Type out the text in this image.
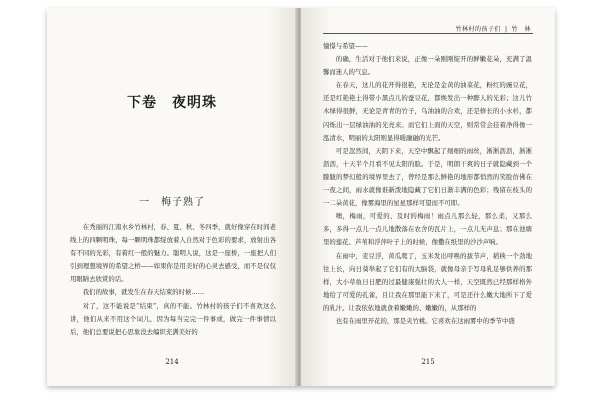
下卷　夜明珠
一　梅子熟了

在秀丽的江南水乡竹林村，春、夏、秋、冬四季，就好像穿在时间老线上的四颗明珠，每一颗明珠都绽放着人自然对于色彩的要求，放射出各有不同的光彩，有着红一般的魅力。聪明人说，这是一座桥，一座把人们引到理想境界的希望之桥——如果你是用美好的心灵去感受，而不是仅仅用眼睛去欣赏的话。

我们的故事，就发生在春天结束的时候……

对了，这不能说是“结束”，真的不能。竹林村的孩子们不喜欢这么讲，他们从来不用这个词儿，因为每当完完一件事或，做完一件事情以后，他们总要说把心思象没去编织充满美好的

214
竹林村的孩子们 | 竹　林

憧憬与希望——

的确，生活对于他们来说，正像一朵刚刚绽开的鲜嫩花朵，充满了温馨而迷人的气息。

在春天，这儿的花开得很艳，无论是金黄的油菜花，粉红的豌豆花，还是红艳艳土得带小黑点儿的蚕豆花，都焕发出一种醉人的光彩；这儿竹木绿得很鲜，无论是青青的竹子，乌油油的合欢，还是修长的小水杉，都闪烁出一层绿油油的光亮来。而它们上面的天空，则常常会挂着净得像一泓清水，明丽的太阳则显得暖融融的光芒。

可是忽然间，天阴下来，天空中飘起了细细的雨丝，淅淅沥沥，淅淅沥沥，十天半个月看不见太阳的脸。于是，明朗干爽的日子就隐藏到一个朦胧的梦幻般的境界里去了，曾经是那么鲜艳的地形都悄然的笑脸仿佛在一夜之间，雨水就像谁新泼地隐藏了它们日渐丰满的色彩；残留在枝头的一二朵黄花，像雾海里的星星那样可望而不可即。

噢，梅雨，可爱的、及时的梅雨！雨点儿那么轻，那么柔，又那么多，多得一点儿一点儿地散落在农舍的瓦片上，一点儿无声息；那在池塘里的莲花、芦苇和浮萍叶子上的时候，像撒在纸里的沙沙声响。

在雨中，麦豆浮，黄瓜爬了，玉米发出呼唤的拔节声，稻秧一个劲地往上长，向日葵举起了它们有的大脑袋，就像母亲于写母乳足够供养的那样，大小草鱼日日肥的过最健康强壮的大人一样，天空既然已经那样格外地给了可爱的孔雀，且让我在那里能下来了，可是还什么嫩大地所下了爱的乳汁。让我依依地就食着嫩嫩的、嫩嫩的，从那样的

也有在雨里开花的，那是夹竹桃。它喜欢在这雨雾中的季节中盛

215
